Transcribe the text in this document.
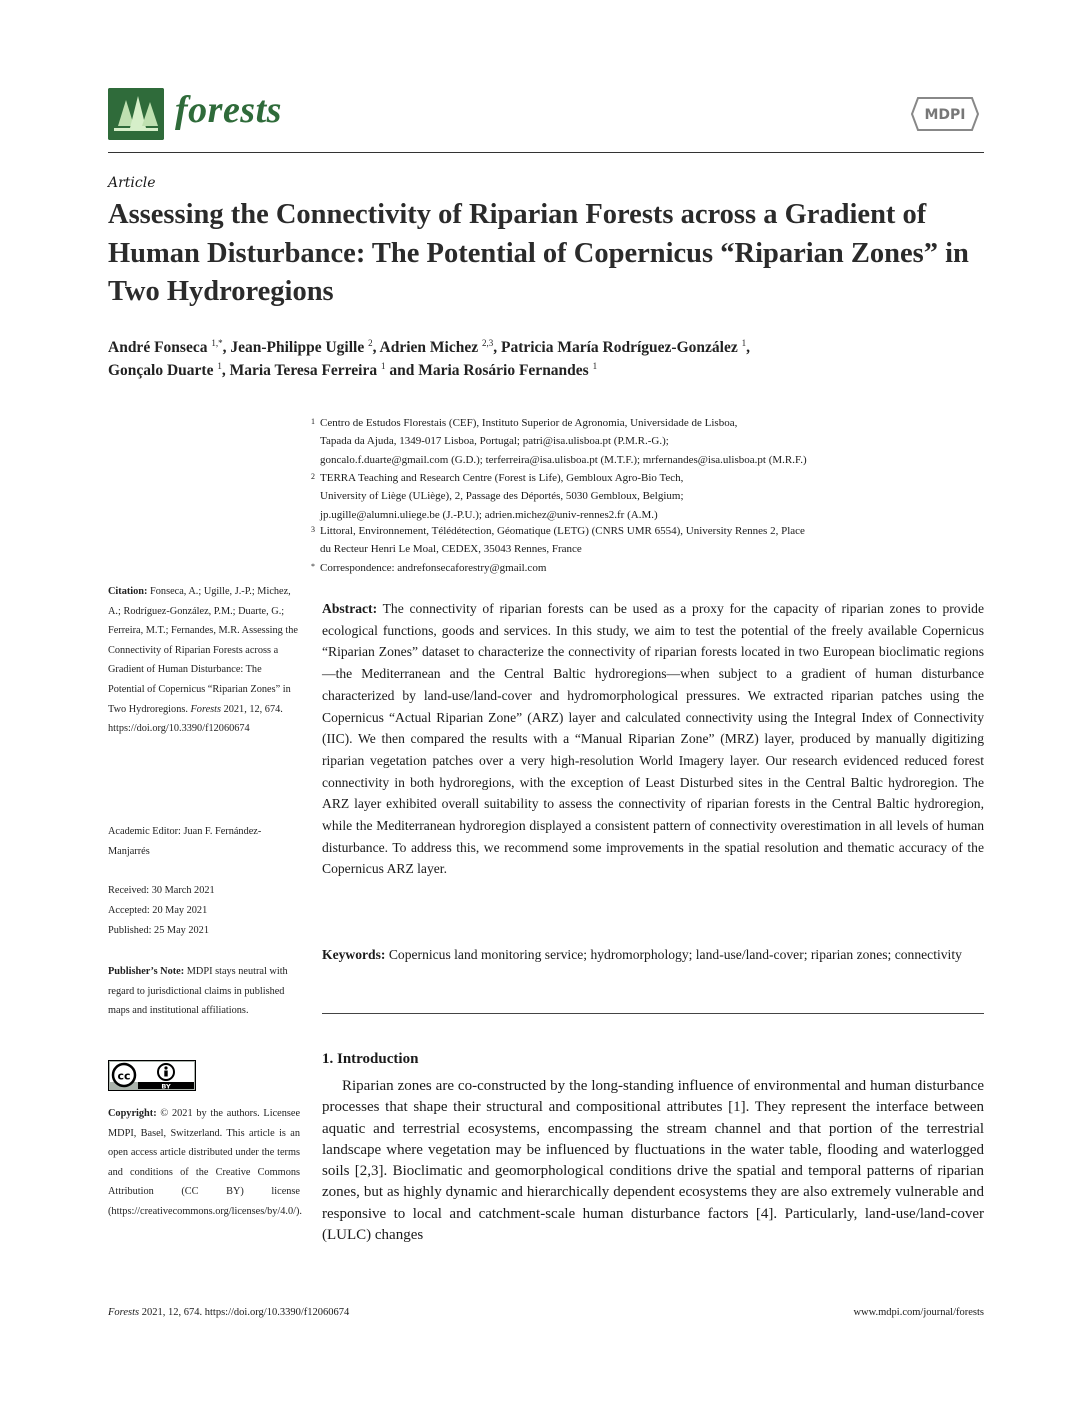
forests	MDPI
Article
Assessing the Connectivity of Riparian Forests across a Gradient of Human Disturbance: The Potential of Copernicus “Riparian Zones” in Two Hydroregions
André Fonseca $^{1,*}$, Jean-Philippe Ugille $^2$, Adrien Michez $^{2,3}$, Patricia María Rodríguez-González $^1$,
Gonçalo Duarte $^1$, Maria Teresa Ferreira $^1$ and Maria Rosário Fernandes $^1$
1 Centro de Estudos Florestais (CEF), Instituto Superior de Agronomia, Universidade de Lisboa,
Tapada da Ajuda, 1349-017 Lisboa, Portugal; patri@isa.ulisboa.pt (P.M.R.-G.);
goncalo.f.duarte@gmail.com (G.D.); terferreira@isa.ulisboa.pt (M.T.F.); mrfernandes@isa.ulisboa.pt (M.R.F.)
2 TERRA Teaching and Research Centre (Forest is Life), Gembloux Agro-Bio Tech,
University of Liège (ULiège), 2, Passage des Déportés, 5030 Gembloux, Belgium;
jp.ugille@alumni.uliege.be (J.-P.U.); adrien.michez@univ-rennes2.fr (A.M.)
3 Littoral, Environnement, Télédétection, Géomatique (LETG) (CNRS UMR 6554), University Rennes 2, Place
du Recteur Henri Le Moal, CEDEX, 35043 Rennes, France
* Correspondence: andrefonsecaforestry@gmail.com
Citation: Fonseca, A.; Ugille, J.-P.; Michez, A.; Rodríguez-González, P.M.; Duarte, G.; Ferreira, M.T.; Fernandes, M.R. Assessing the Connectivity of Riparian Forests across a Gradient of Human Disturbance: The Potential of Copernicus “Riparian Zones” in Two Hydroregions. Forests 2021, 12, 674. https://doi.org/10.3390/f12060674
Academic Editor: Juan F. Fernández-Manjarrés
Received: 30 March 2021
Accepted: 20 May 2021
Published: 25 May 2021
Publisher’s Note: MDPI stays neutral with regard to jurisdictional claims in published maps and institutional affiliations.
cc
BY
Copyright: © 2021 by the authors. Licensee MDPI, Basel, Switzerland. This article is an open access article distributed under the terms and conditions of the Creative Commons Attribution (CC BY) license (https://creativecommons.org/licenses/by/4.0/).
Abstract: The connectivity of riparian forests can be used as a proxy for the capacity of riparian zones to provide ecological functions, goods and services. In this study, we aim to test the potential of the freely available Copernicus “Riparian Zones” dataset to characterize the connectivity of riparian forests located in two European bioclimatic regions—the Mediterranean and the Central Baltic hydroregions—when subject to a gradient of human disturbance characterized by land-use/land-cover and hydromorphological pressures. We extracted riparian patches using the Copernicus “Actual Riparian Zone” (ARZ) layer and calculated connectivity using the Integral Index of Connectivity (IIC). We then compared the results with a “Manual Riparian Zone” (MRZ) layer, produced by manually digitizing riparian vegetation patches over a very high-resolution World Imagery layer. Our research evidenced reduced forest connectivity in both hydroregions, with the exception of Least Disturbed sites in the Central Baltic hydroregion. The ARZ layer exhibited overall suitability to assess the connectivity of riparian forests in the Central Baltic hydroregion, while the Mediterranean hydroregion displayed a consistent pattern of connectivity overestimation in all levels of human disturbance. To address this, we recommend some improvements in the spatial resolution and thematic accuracy of the Copernicus ARZ layer.
Keywords: Copernicus land monitoring service; hydromorphology; land-use/land-cover; riparian zones; connectivity
1. Introduction
Riparian zones are co-constructed by the long-standing influence of environmental and human disturbance processes that shape their structural and compositional attributes [1]. They represent the interface between aquatic and terrestrial ecosystems, encompassing the stream channel and that portion of the terrestrial landscape where vegetation may be influenced by fluctuations in the water table, flooding and waterlogged soils [2,3]. Bioclimatic and geomorphological conditions drive the spatial and temporal patterns of riparian zones, but as highly dynamic and hierarchically dependent ecosystems they are also extremely vulnerable and responsive to local and catchment-scale human disturbance factors [4]. Particularly, land-use/land-cover (LULC) changes
Forests 2021, 12, 674. https://doi.org/10.3390/f12060674	www.mdpi.com/journal/forests
